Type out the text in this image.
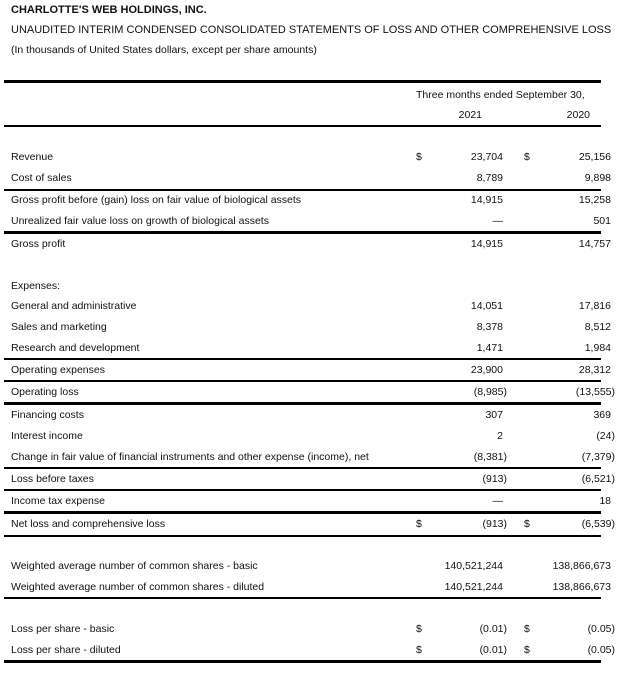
CHARLOTTE'S WEB HOLDINGS, INC.
UNAUDITED INTERIM CONDENSED CONSOLIDATED STATEMENTS OF LOSS AND OTHER COMPREHENSIVE LOSS
(In thousands of United States dollars, except per share amounts)
Three months ended September 30,
2021	2020
Revenue	$	23,704 $	25,156
Cost of sales	8,789	9,898
Gross profit before (gain) loss on fair value of biological assets	14,915	15,258
Unrealized fair value loss on growth of biological assets	—	501
Gross profit	14,915	14,757
Expenses:
General and administrative	14,051	17,816
Sales and marketing	8,378	8,512
Research and development	1,471	1,984
Operating expenses	23,900	28,312
Operating loss	(8,985)	(13,555)
Financing costs	307	369
Interest income	2	(24)
Change in fair value of financial instruments and other expense (income), net	(8,381)	(7,379)
Loss before taxes	(913)	(6,521)
Income tax expense	—	18
Net loss and comprehensive loss	$	(913) $	(6,539)
Weighted average number of common shares - basic	140,521,244	138,866,673
Weighted average number of common shares - diluted	140,521,244	138,866,673
Loss per share - basic	$	(0.01) $	(0.05)
Loss per share - diluted	$	(0.01) $	(0.05)
